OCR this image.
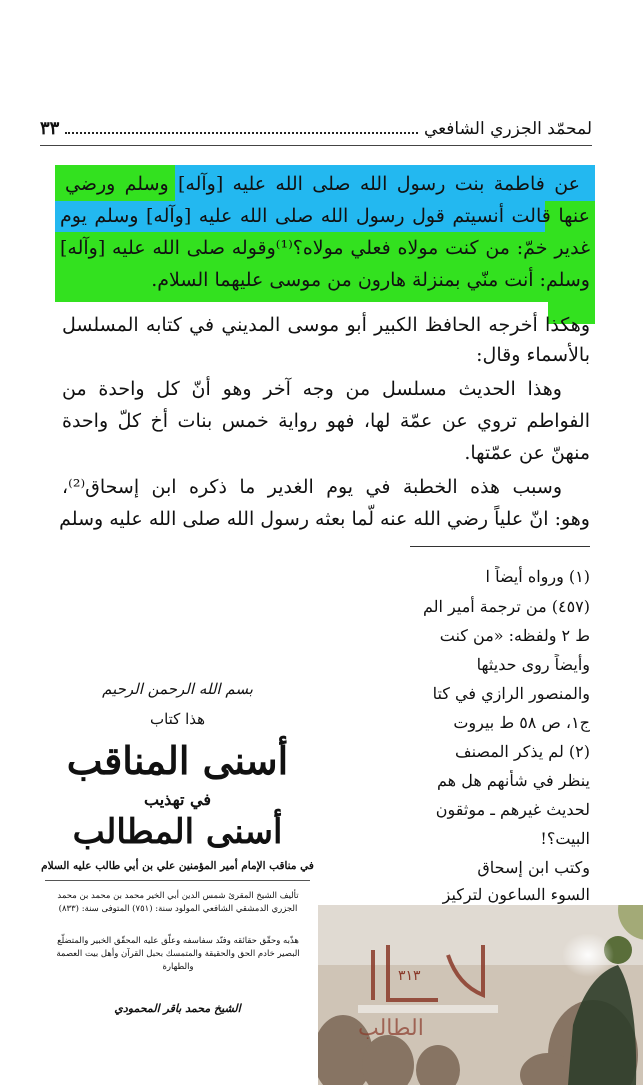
لمحمّد الجزري الشافعي
٣٣
عن فاطمة بنت رسول الله صلى الله عليه [وآله] وسلم ورضي
عنها قالت أنسيتم قول رسول الله صلى الله عليه [وآله] وسلم يوم
غدير خمّ: من كنت مولاه فعلي مولاه؟⁽¹⁾وقوله صلى الله عليه [وآله]
وسلم: أنت منّي بمنزلة هارون من موسى عليهما السلام.
وهكذا أخرجه الحافظ الكبير أبو موسى المديني في كتابه المسلسل
بالأسماء وقال:
وهذا الحديث مسلسل من وجه آخر وهو أنّ كل واحدة من
الفواطم تروي عن عمّة لها، فهو رواية خمس بنات أخ كلّ واحدة
منهنّ عن عمّتها.
وسبب هذه الخطبة في يوم الغدير ما ذكره ابن إسحاق⁽²⁾،
وهو: انّ علياً رضي الله عنه لّما بعثه رسول الله صلى الله عليه وسلم
(١) ورواه أيضاً ا
(٤٥٧) من ترجمة أمير الم
ط ٢ ولفظه: «من كنت
وأيضاً روى حديثها
والمنصور الرازي في كتا
ج١، ص ٥٨ ط بيروت
(٢) لم يذكر المصنف
ينظر في شأنهم هل هم
لحديث غيرهم ـ موثقون
البيت؟!
وكتب ابن إسحاق
السوء الساعون لتركيز
بسم الله الرحمن الرحيم
هذا كتاب
أسنى المناقب
في تهذيب
أسنى المطالب
في مناقب الإمام أمير المؤمنين علي بن أبي طالب عليه السلام
تأليف الشيخ المقرئ شمس الدين أبي الخير محمد بن محمد بن محمد الجزري الدمشقي الشافعي المولود سنة: (٧٥١) المتوفى سنة: (٨٣٣)
هذّبه وحقّق حقائقه وفنّد سفاسفه وعلّق عليه المحقّق الخبير والمتضلّع البصير خادم الحق والحقيقة والمتمسك بحبل القرآن وأهل بيت العصمة والطهارة
الشيخ محمد باقر المحمودي
٣١٣
الطالب
